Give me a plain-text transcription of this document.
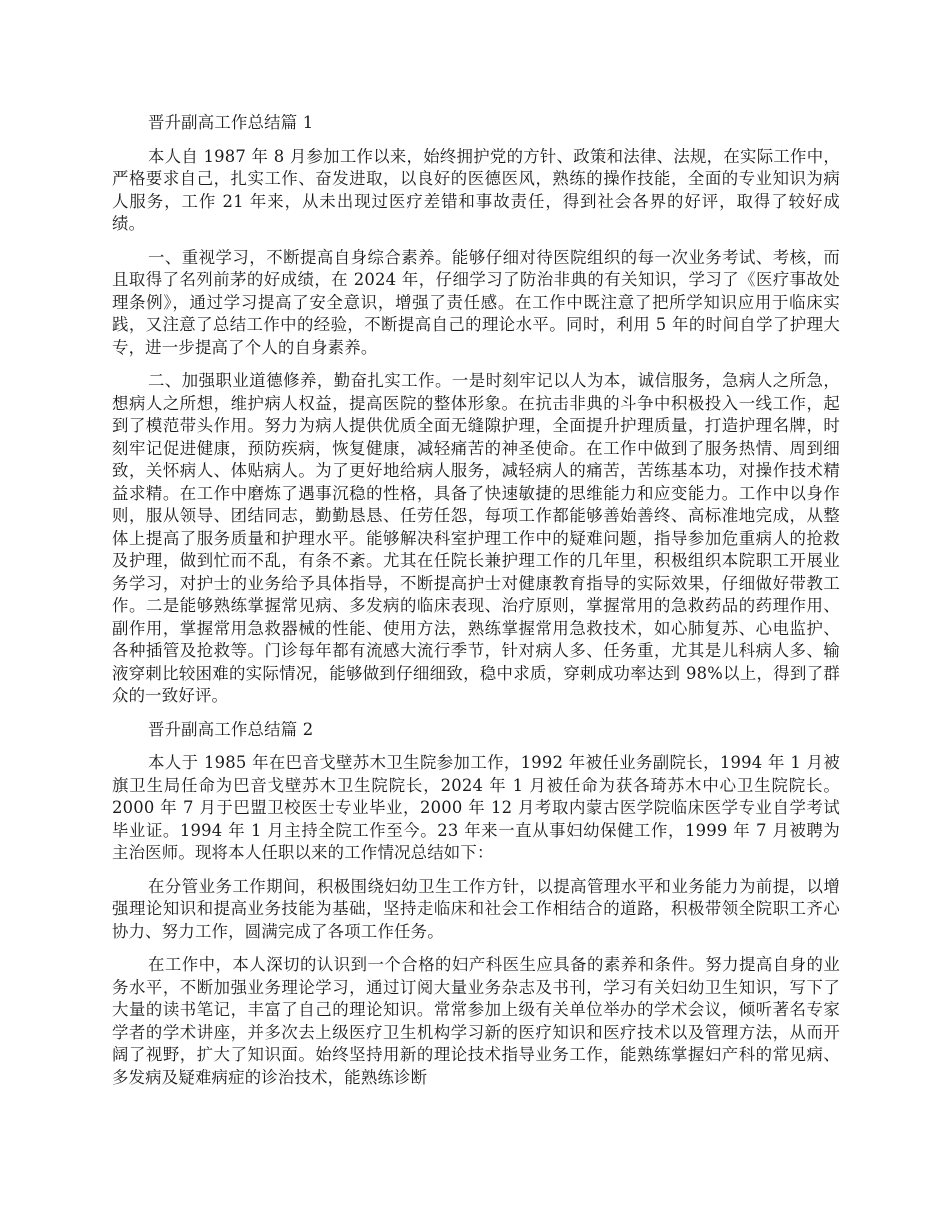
晋升副高工作总结篇 1

本人自 1987 年 8 月参加工作以来，始终拥护党的方针、政策和法律、法规，在实际工作中，严格要求自己，扎实工作、奋发进取，以良好的医德医风，熟练的操作技能，全面的专业知识为病人服务，工作 21 年来，从未出现过医疗差错和事故责任，得到社会各界的好评，取得了较好成绩。

一、重视学习，不断提高自身综合素养。能够仔细对待医院组织的每一次业务考试、考核，而且取得了名列前茅的好成绩，在 2024 年，仔细学习了防治非典的有关知识，学习了《医疗事故处理条例》，通过学习提高了安全意识，增强了责任感。在工作中既注意了把所学知识应用于临床实践，又注意了总结工作中的经验，不断提高自己的理论水平。同时，利用 5 年的时间自学了护理大专，进一步提高了个人的自身素养。

二、加强职业道德修养，勤奋扎实工作。一是时刻牢记以人为本，诚信服务，急病人之所急，想病人之所想，维护病人权益，提高医院的整体形象。在抗击非典的斗争中积极投入一线工作，起到了模范带头作用。努力为病人提供优质全面无缝隙护理，全面提升护理质量，打造护理名牌，时刻牢记促进健康，预防疾病，恢复健康，减轻痛苦的神圣使命。在工作中做到了服务热情、周到细致，关怀病人、体贴病人。为了更好地给病人服务，减轻病人的痛苦，苦练基本功，对操作技术精益求精。在工作中磨炼了遇事沉稳的性格，具备了快速敏捷的思维能力和应变能力。工作中以身作则，服从领导、团结同志，勤勤恳恳、任劳任怨，每项工作都能够善始善终、高标准地完成，从整体上提高了服务质量和护理水平。能够解决科室护理工作中的疑难问题，指导参加危重病人的抢救及护理，做到忙而不乱，有条不紊。尤其在任院长兼护理工作的几年里，积极组织本院职工开展业务学习，对护士的业务给予具体指导，不断提高护士对健康教育指导的实际效果，仔细做好带教工作。二是能够熟练掌握常见病、多发病的临床表现、治疗原则，掌握常用的急救药品的药理作用、副作用，掌握常用急救器械的性能、使用方法，熟练掌握常用急救技术，如心肺复苏、心电监护、各种插管及抢救等。门诊每年都有流感大流行季节，针对病人多、任务重，尤其是儿科病人多、输液穿刺比较困难的实际情况，能够做到仔细细致，稳中求质，穿刺成功率达到 98%以上，得到了群众的一致好评。

晋升副高工作总结篇 2

本人于 1985 年在巴音戈壁苏木卫生院参加工作，1992 年被任业务副院长，1994 年 1 月被旗卫生局任命为巴音戈壁苏木卫生院院长，2024 年 1 月被任命为获各琦苏木中心卫生院院长。2000 年 7 月于巴盟卫校医士专业毕业，2000 年 12 月考取内蒙古医学院临床医学专业自学考试毕业证。1994 年 1 月主持全院工作至今。23 年来一直从事妇幼保健工作，1999 年 7 月被聘为主治医师。现将本人任职以来的工作情况总结如下：

在分管业务工作期间，积极围绕妇幼卫生工作方针，以提高管理水平和业务能力为前提，以增强理论知识和提高业务技能为基础，坚持走临床和社会工作相结合的道路，积极带领全院职工齐心协力、努力工作，圆满完成了各项工作任务。

在工作中，本人深切的认识到一个合格的妇产科医生应具备的素养和条件。努力提高自身的业务水平，不断加强业务理论学习，通过订阅大量业务杂志及书刊，学习有关妇幼卫生知识，写下了大量的读书笔记，丰富了自己的理论知识。常常参加上级有关单位举办的学术会议，倾听著名专家学者的学术讲座，并多次去上级医疗卫生机构学习新的医疗知识和医疗技术以及管理方法，从而开阔了视野，扩大了知识面。始终坚持用新的理论技术指导业务工作，能熟练掌握妇产科的常见病、多发病及疑难病症的诊治技术，能熟练诊断
